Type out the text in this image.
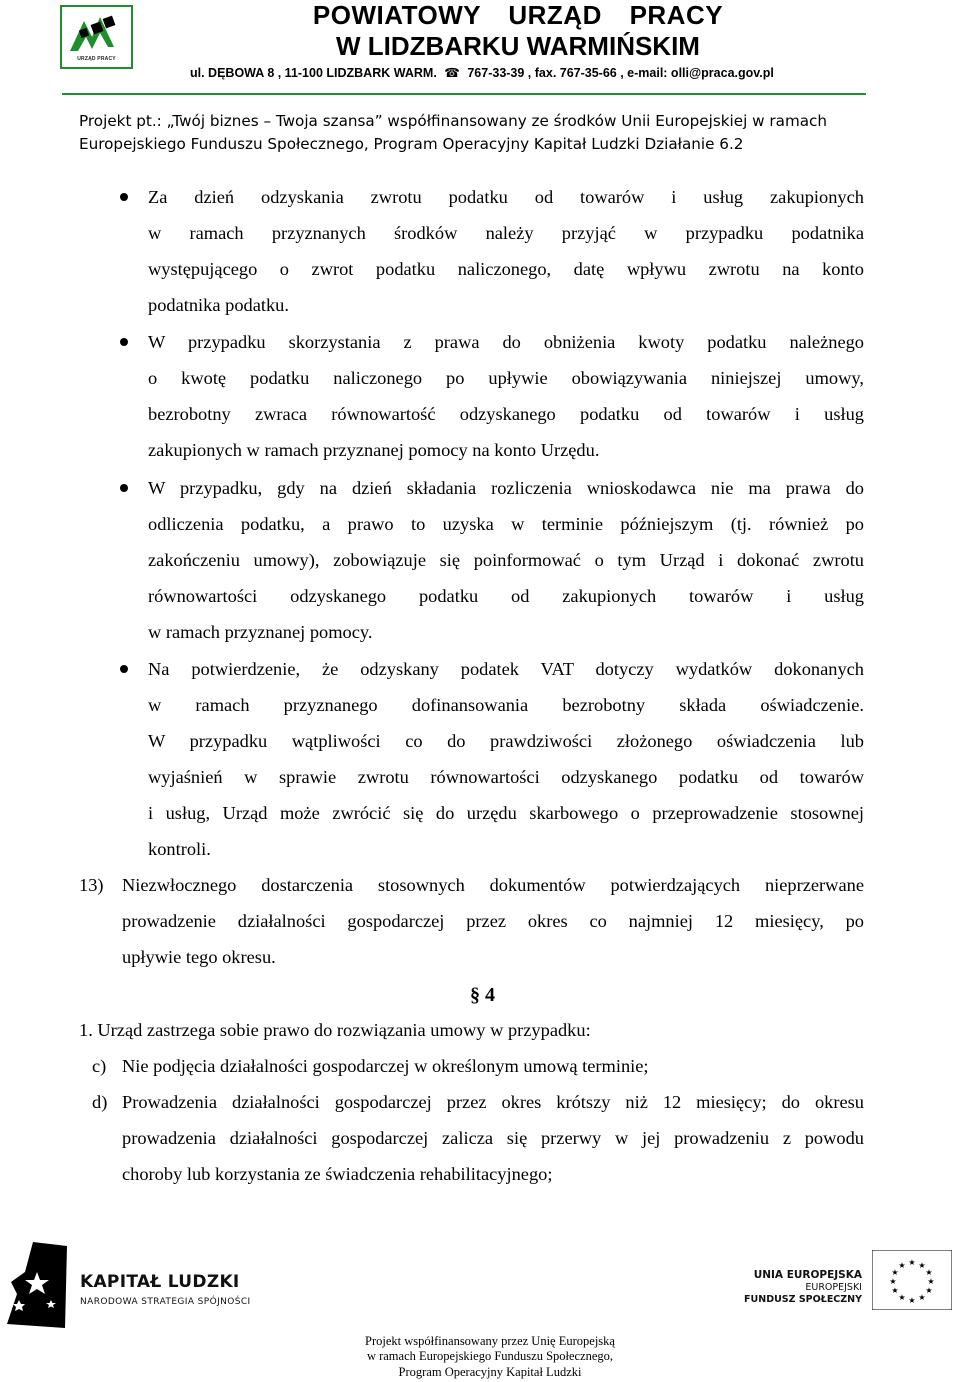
URZĄD PRACY
POWIATOWY URZĄD PRACY
W LIDZBARKU WARMIŃSKIM
ul. DĘBOWA 8 , 11-100 LIDZBARK WARM. ☎ 767-33-39 , fax. 767-35-66 , e-mail: olli@praca.gov.pl
Projekt pt.: „Twój biznes – Twoja szansa” współfinansowany ze środków Unii Europejskiej w ramach
Europejskiego Funduszu Społecznego, Program Operacyjny Kapitał Ludzki Działanie 6.2
Za dzień odzyskania zwrotu podatku od towarów i usług zakupionych
w ramach przyznanych środków należy przyjąć w przypadku podatnika
występującego o zwrot podatku naliczonego, datę wpływu zwrotu na konto
podatnika podatku.
W przypadku skorzystania z prawa do obniżenia kwoty podatku należnego
o kwotę podatku naliczonego po upływie obowiązywania niniejszej umowy,
bezrobotny zwraca równowartość odzyskanego podatku od towarów i usług
zakupionych w ramach przyznanej pomocy na konto Urzędu.
W przypadku, gdy na dzień składania rozliczenia wnioskodawca nie ma prawa do
odliczenia podatku, a prawo to uzyska w terminie późniejszym (tj. również po
zakończeniu umowy), zobowiązuje się poinformować o tym Urząd i dokonać zwrotu
równowartości odzyskanego podatku od zakupionych towarów i usług
w ramach przyznanej pomocy.
Na potwierdzenie, że odzyskany podatek VAT dotyczy wydatków dokonanych
w ramach przyznanego dofinansowania bezrobotny składa oświadczenie.
W przypadku wątpliwości co do prawdziwości złożonego oświadczenia lub
wyjaśnień w sprawie zwrotu równowartości odzyskanego podatku od towarów
i usług, Urząd może zwrócić się do urzędu skarbowego o przeprowadzenie stosownej
kontroli.
13) Niezwłocznego dostarczenia stosownych dokumentów potwierdzających nieprzerwane
prowadzenie działalności gospodarczej przez okres co najmniej 12 miesięcy, po
upływie tego okresu.
§ 4
1. Urząd zastrzega sobie prawo do rozwiązania umowy w przypadku:
c) Nie podjęcia działalności gospodarczej w określonym umową terminie;
d) Prowadzenia działalności gospodarczej przez okres krótszy niż 12 miesięcy; do okresu
prowadzenia działalności gospodarczej zalicza się przerwy w jej prowadzeniu z powodu
choroby lub korzystania ze świadczenia rehabilitacyjnego;
KAPITAŁ LUDZKI
NARODOWA STRATEGIA SPÓJNOŚCI
UNIA EUROPEJSKA
EUROPEJSKI
FUNDUSZ SPOŁECZNY
★ ★
★
★
★
★
★
★
★
★
★
★
Projekt współfinansowany przez Unię Europejską
w ramach Europejskiego Funduszu Społecznego,
Program Operacyjny Kapitał Ludzki
